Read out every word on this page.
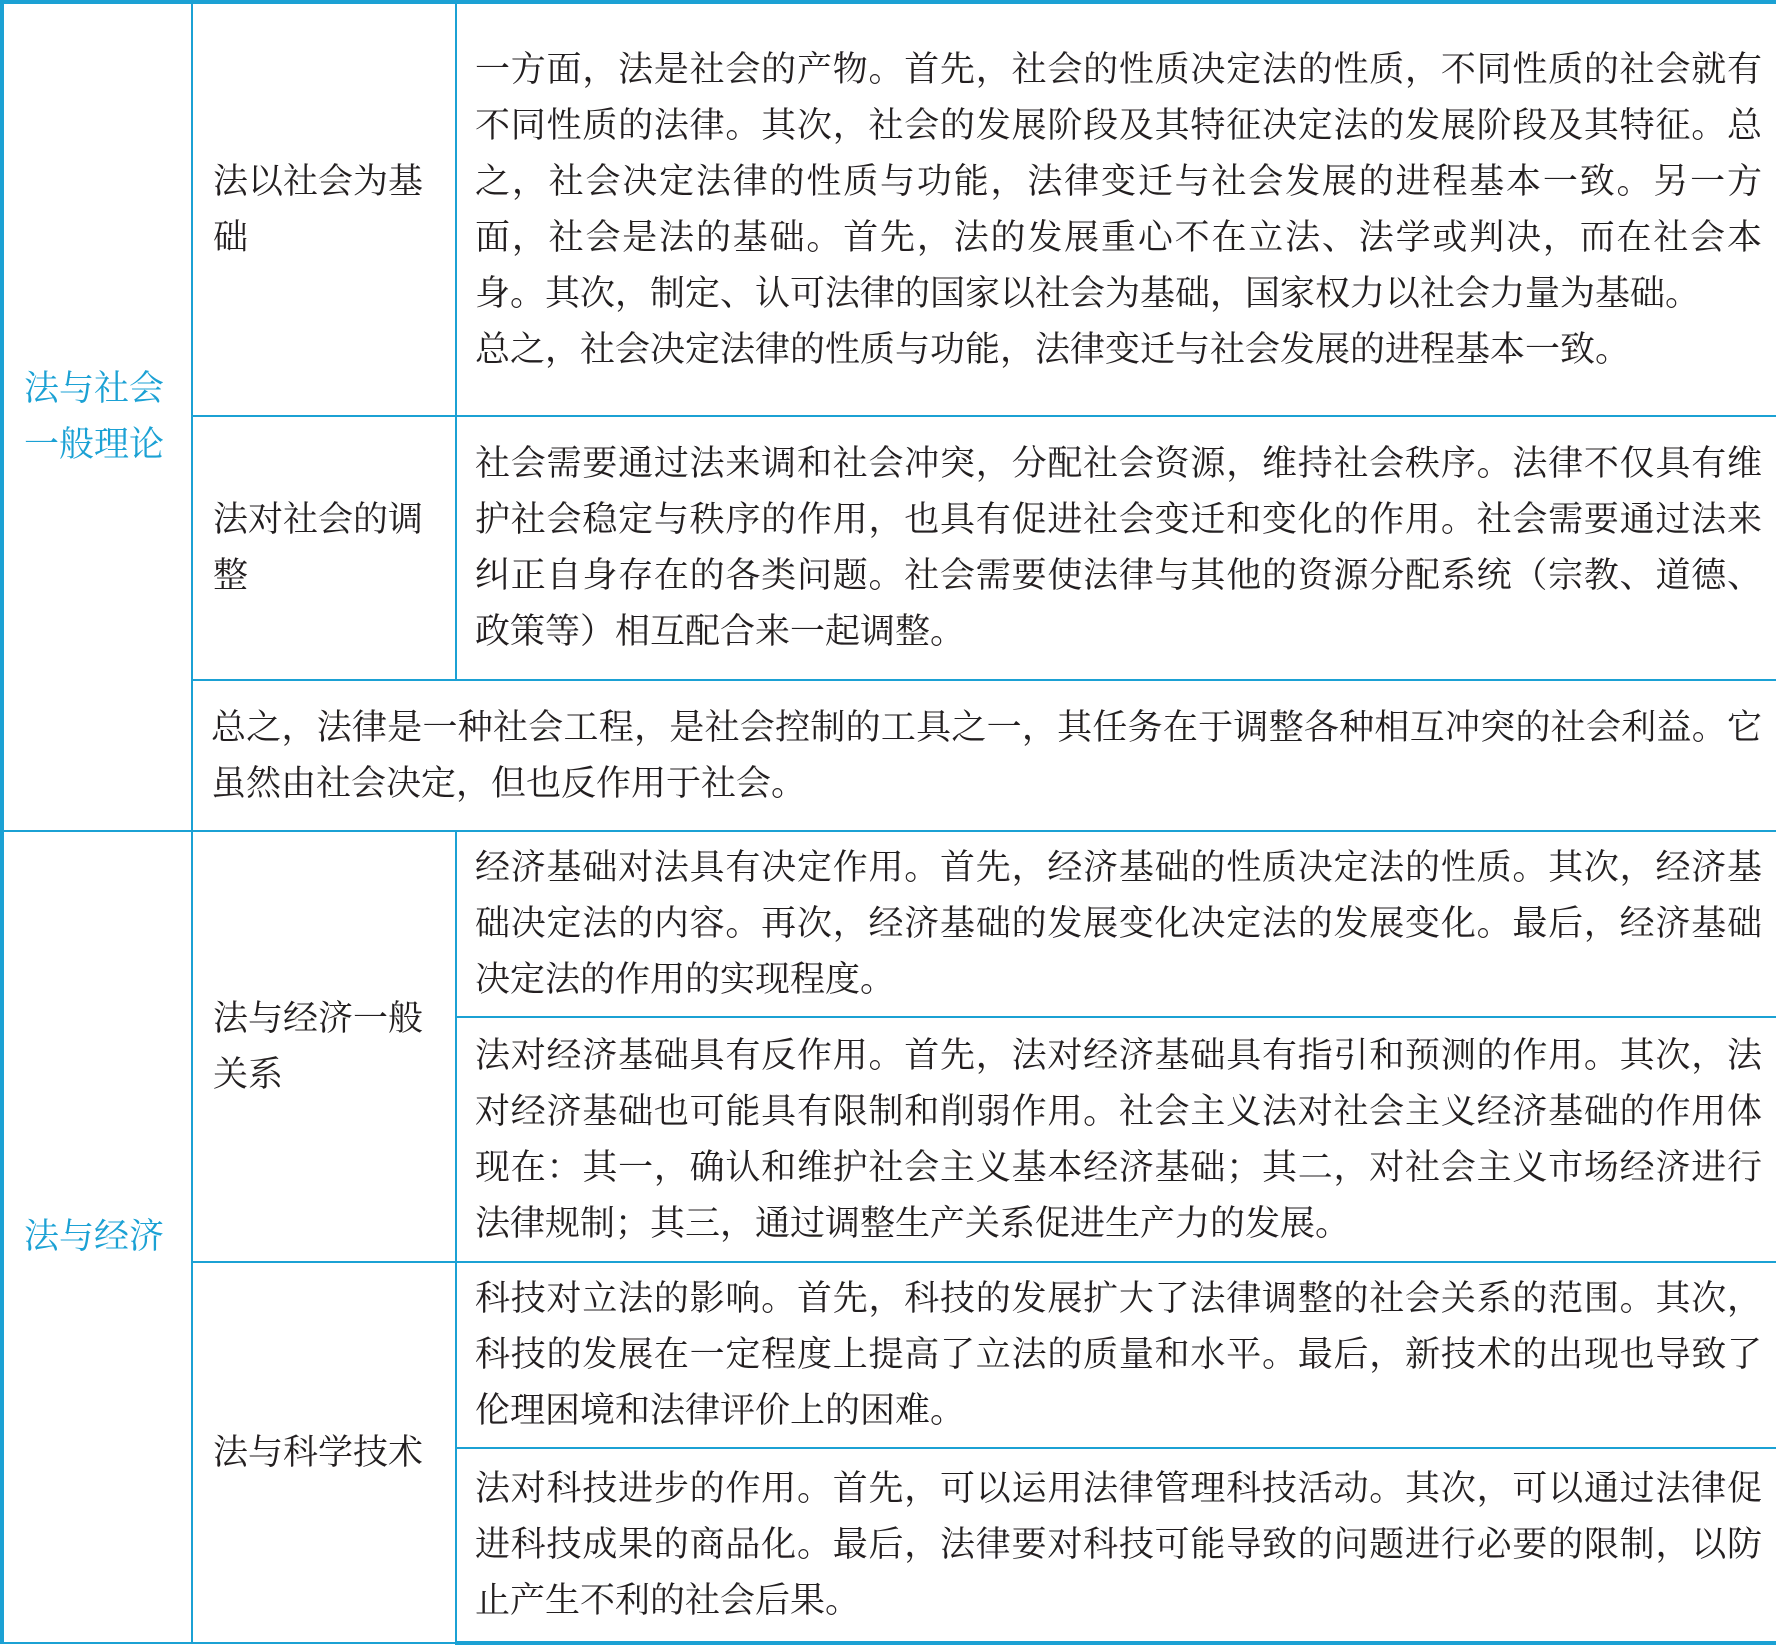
法与社会一般理论	法以社会为基础	一方面，法是社会的产物。首先，社会的性质决定法的性质，不同性质的社会就有不同性质的法律。其次，社会的发展阶段及其特征决定法的发展阶段及其特征。总之，社会决定法律的性质与功能，法律变迁与社会发展的进程基本一致。另一方面，社会是法的基础。首先，法的发展重心不在立法、法学或判决，而在社会本身。其次，制定、认可法律的国家以社会为基础，国家权力以社会力量为基础。
总之，社会决定法律的性质与功能，法律变迁与社会发展的进程基本一致。

	法对社会的调整	社会需要通过法来调和社会冲突，分配社会资源，维持社会秩序。法律不仅具有维护社会稳定与秩序的作用，也具有促进社会变迁和变化的作用。社会需要通过法来纠正自身存在的各类问题。社会需要使法律与其他的资源分配系统（宗教、道德、政策等）相互配合来一起调整。

	总之，法律是一种社会工程，是社会控制的工具之一，其任务在于调整各种相互冲突的社会利益。它虽然由社会决定，但也反作用于社会。	
法与经济	法与经济一般关系	经济基础对法具有决定作用。首先，经济基础的性质决定法的性质。其次，经济基础决定法的内容。再次，经济基础的发展变化决定法的发展变化。最后，经济基础决定法的作用的实现程度。

		法对经济基础具有反作用。首先，法对经济基础具有指引和预测的作用。其次，法对经济基础也可能具有限制和削弱作用。社会主义法对社会主义经济基础的作用体现在：其一，确认和维护社会主义基本经济基础；其二，对社会主义市场经济进行法律规制；其三，通过调整生产关系促进生产力的发展。

	法与科学技术	科技对立法的影响。首先，科技的发展扩大了法律调整的社会关系的范围。其次，科技的发展在一定程度上提高了立法的质量和水平。最后，新技术的出现也导致了伦理困境和法律评价上的困难。

		法对科技进步的作用。首先，可以运用法律管理科技活动。其次，可以通过法律促进科技成果的商品化。最后，法律要对科技可能导致的问题进行必要的限制，以防止产生不利的社会后果。
